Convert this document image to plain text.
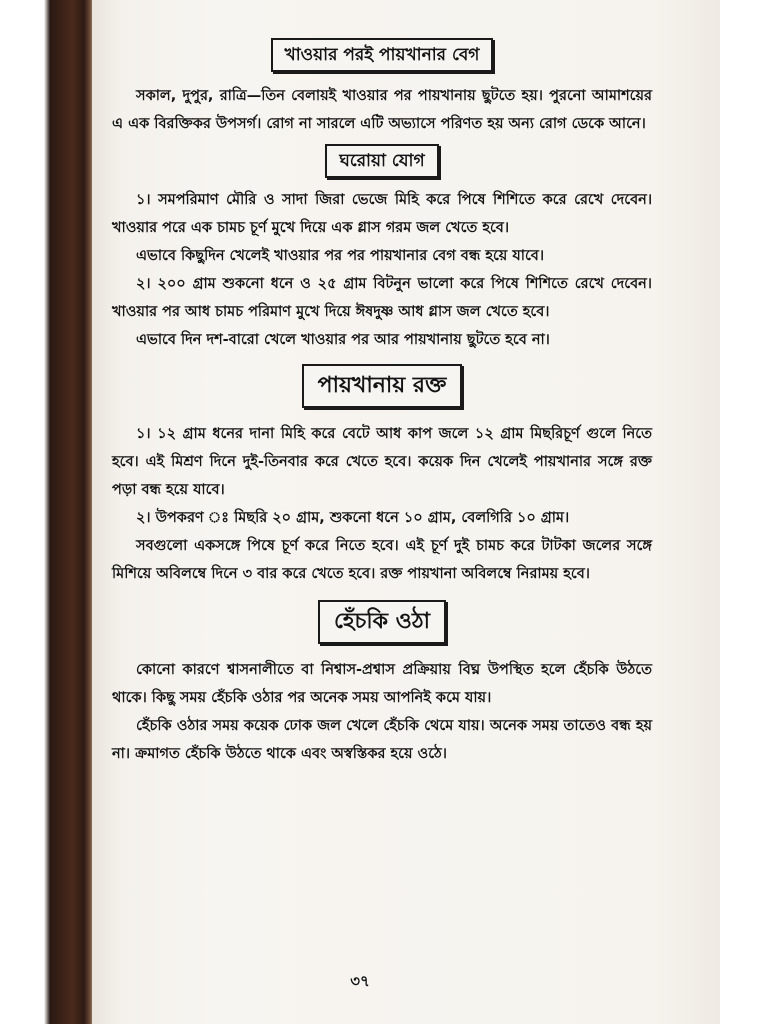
খাওয়ার পরই পায়খানার বেগ

সকাল, দুপুর, রাত্রি—তিন বেলায়ই খাওয়ার পর পায়খানায় ছুটতে হয়। পুরনো আমাশয়ের এ এক বিরক্তিকর উপসর্গ। রোগ না সারলে এটি অভ্যাসে পরিণত হয় অন্য রোগ ডেকে আনে।

ঘরোয়া যোগ

১। সমপরিমাণ মৌরি ও সাদা জিরা ভেজে মিহি করে পিষে শিশিতে করে রেখে দেবেন। খাওয়ার পরে এক চামচ চূর্ণ মুখে দিয়ে এক গ্লাস গরম জল খেতে হবে।

এভাবে কিছুদিন খেলেই খাওয়ার পর পর পায়খানার বেগ বন্ধ হয়ে যাবে।

২। ২০০ গ্রাম শুকনো ধনে ও ২৫ গ্রাম বিটনুন ভালো করে পিষে শিশিতে রেখে দেবেন। খাওয়ার পর আধ চামচ পরিমাণ মুখে দিয়ে ঈষদুষ্ণ আধ গ্লাস জল খেতে হবে।

এভাবে দিন দশ-বারো খেলে খাওয়ার পর আর পায়খানায় ছুটতে হবে না।

পায়খানায় রক্ত

১। ১২ গ্রাম ধনের দানা মিহি করে বেটে আধ কাপ জলে ১২ গ্রাম মিছরিচূর্ণ গুলে নিতে হবে। এই মিশ্রণ দিনে দুই-তিনবার করে খেতে হবে। কয়েক দিন খেলেই পায়খানার সঙ্গে রক্ত পড়া বন্ধ হয়ে যাবে।

২। উপকরণ ঃ মিছরি ২০ গ্রাম, শুকনো ধনে ১০ গ্রাম, বেলগিরি ১০ গ্রাম।

সবগুলো একসঙ্গে পিষে চূর্ণ করে নিতে হবে। এই চূর্ণ দুই চামচ করে টাটকা জলের সঙ্গে মিশিয়ে অবিলম্বে দিনে ৩ বার করে খেতে হবে। রক্ত পায়খানা অবিলম্বে নিরাময় হবে।

হেঁচকি ওঠা

কোনো কারণে শ্বাসনালীতে বা নিশ্বাস-প্রশ্বাস প্রক্রিয়ায় বিঘ্ন উপস্থিত হলে হেঁচকি উঠতে থাকে। কিছু সময় হেঁচকি ওঠার পর অনেক সময় আপনিই কমে যায়।

হেঁচকি ওঠার সময় কয়েক ঢোক জল খেলে হেঁচকি থেমে যায়। অনেক সময় তাতেও বন্ধ হয় না। ক্রমাগত হেঁচকি উঠতে থাকে এবং অস্বস্তিকর হয়ে ওঠে।

৩৭
